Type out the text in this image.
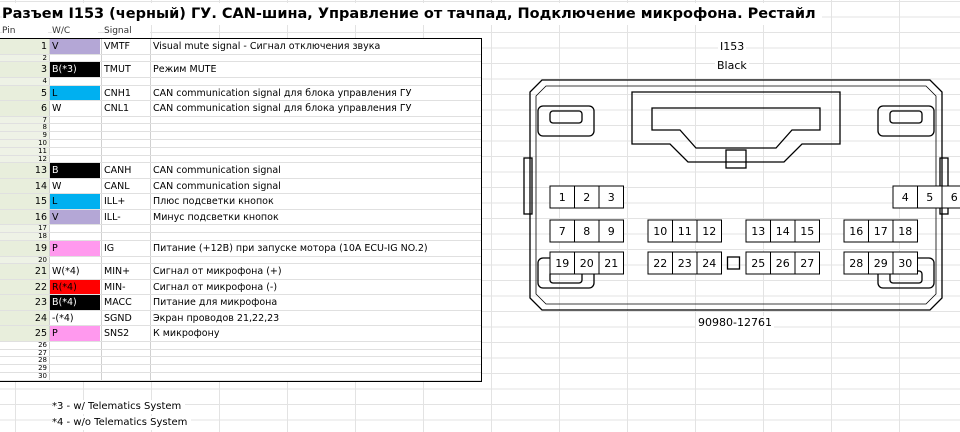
Разъем I153 (черный) ГУ. CAN-шина, Управление от тачпад, Подключение микрофона. Рестайл
Pin	W/C	Signal
1 V	VMTF	Visual mute signal - Сигнал отключения звука
2
3 B(*3)	TMUT	Режим MUTE
4
5 L	CNH1	CAN communication signal для блока управления ГУ
6 W	CNL1	CAN communication signal для блока управления ГУ
7
8
9
10
11
12
13 B	CANH	CAN communication signal
14 W	CANL	CAN communication signal
15 L	ILL+	Плюс подсветки кнопок
16 V	ILL-	Минус подсветки кнопок
17
18
19 P	IG	Питание (+12В) при запуске мотора (10A ECU-IG NO.2)
20
21 W(*4)	MIN+	Сигнал от микрофона (+)
22 R(*4)	MIN-	Сигнал от микрофона (-)
23 B(*4)	MACC	Питание для микрофона
24 -(*4)	SGND	Экран проводов 21,22,23
25 P	SNS2	К микрофону
26
27
28
29
30
I153
Black
1 2 3	4 5 6
7 8 9	10 11 12	13 14 15	16 17 18
19 20 21	22 23 24	25 26 27	28 29 30
90980-12761
*3 - w/ Telematics System
*4 - w/o Telematics System
